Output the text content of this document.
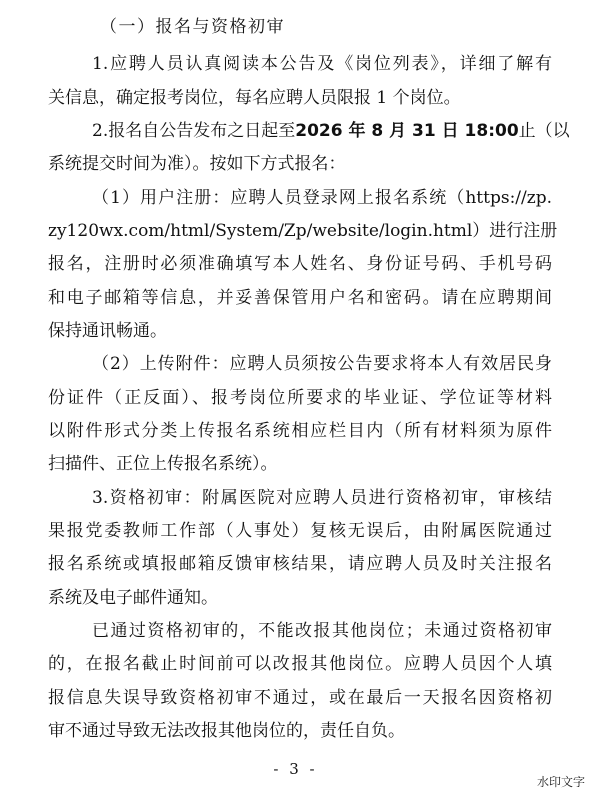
（一）报名与资格初审
1.应聘人员认真阅读本公告及《岗位列表》，详细了解有
关信息，确定报考岗位，每名应聘人员限报 1 个岗位。
2.报名自公告发布之日起至2026 年 8 月 31 日 18:00止（以
系统提交时间为准）。按如下方式报名：
（1）用户注册：应聘人员登录网上报名系统（https://zp.
zy120wx.com/html/System/Zp/website/login.html）进行注册
报名，注册时必须准确填写本人姓名、身份证号码、手机号码
和电子邮箱等信息，并妥善保管用户名和密码。请在应聘期间
保持通讯畅通。
（2）上传附件：应聘人员须按公告要求将本人有效居民身
份证件（正反面）、报考岗位所要求的毕业证、学位证等材料
以附件形式分类上传报名系统相应栏目内（所有材料须为原件
扫描件、正位上传报名系统）。
3.资格初审：附属医院对应聘人员进行资格初审，审核结
果报党委教师工作部（人事处）复核无误后，由附属医院通过
报名系统或填报邮箱反馈审核结果，请应聘人员及时关注报名
系统及电子邮件通知。
已通过资格初审的，不能改报其他岗位；未通过资格初审
的，在报名截止时间前可以改报其他岗位。应聘人员因个人填
报信息失误导致资格初审不通过，或在最后一天报名因资格初
审不通过导致无法改报其他岗位的，责任自负。
- 3 -
水印文字
